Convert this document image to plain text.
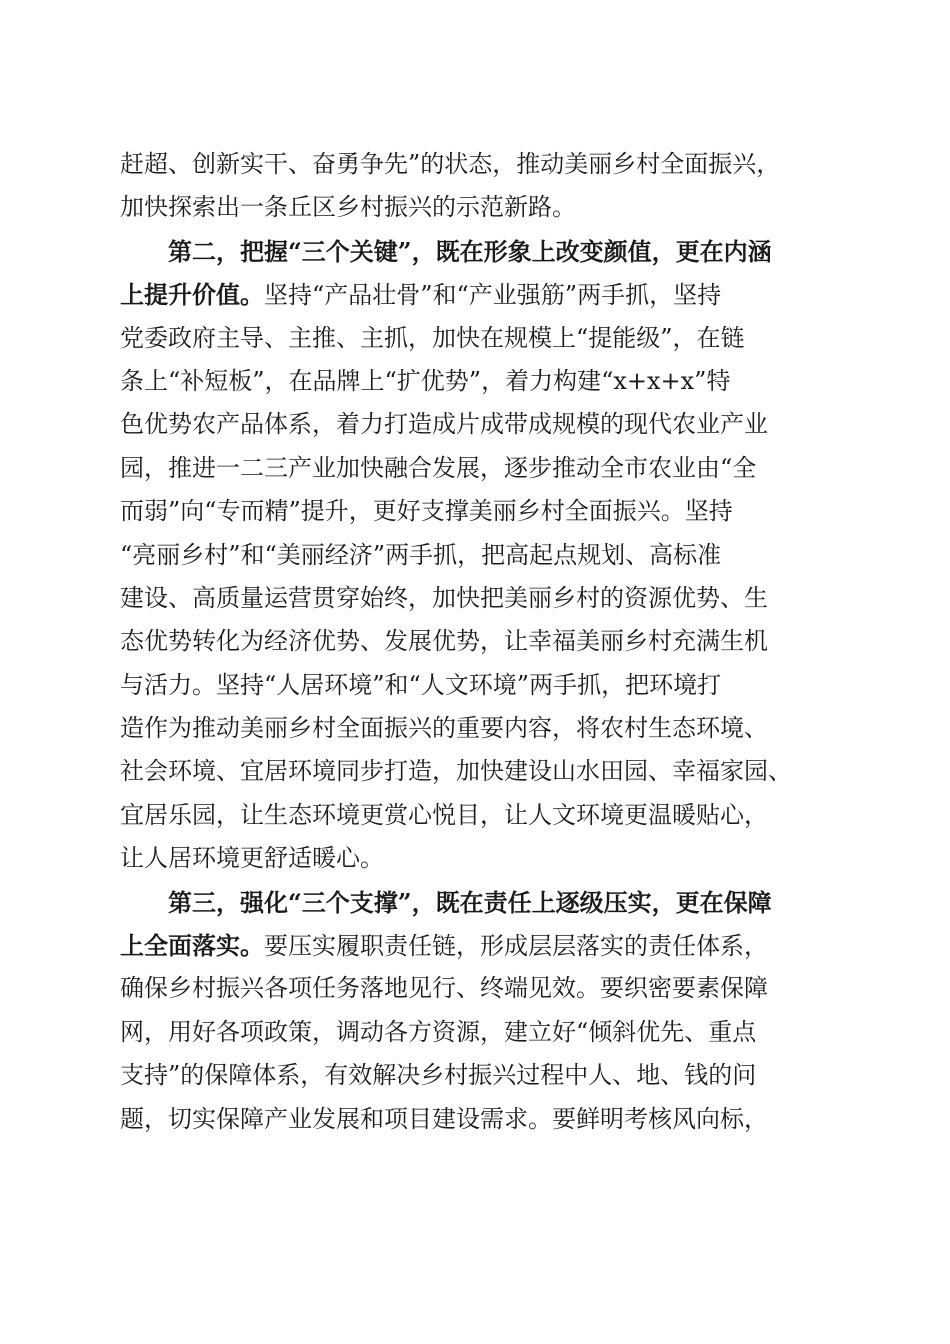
赶超、创新实干、奋勇争先”的状态，推动美丽乡村全面振兴，
加快探索出一条丘区乡村振兴的示范新路。
第二，把握“三个关键”，既在形象上改变颜值，更在内涵
上提升价值。坚持“产品壮骨”和“产业强筋”两手抓，坚持
党委政府主导、主推、主抓，加快在规模上“提能级”，在链
条上“补短板”，在品牌上“扩优势”，着力构建“x+x+x”特
色优势农产品体系，着力打造成片成带成规模的现代农业产业
园，推进一二三产业加快融合发展，逐步推动全市农业由“全
而弱”向“专而精”提升，更好支撑美丽乡村全面振兴。坚持
“亮丽乡村”和“美丽经济”两手抓，把高起点规划、高标准
建设、高质量运营贯穿始终，加快把美丽乡村的资源优势、生
态优势转化为经济优势、发展优势，让幸福美丽乡村充满生机
与活力。坚持“人居环境”和“人文环境”两手抓，把环境打
造作为推动美丽乡村全面振兴的重要内容，将农村生态环境、
社会环境、宜居环境同步打造，加快建设山水田园、幸福家园、
宜居乐园，让生态环境更赏心悦目，让人文环境更温暖贴心，
让人居环境更舒适暖心。
第三，强化“三个支撑”，既在责任上逐级压实，更在保障
上全面落实。要压实履职责任链，形成层层落实的责任体系，
确保乡村振兴各项任务落地见行、终端见效。要织密要素保障
网，用好各项政策，调动各方资源，建立好“倾斜优先、重点
支持”的保障体系，有效解决乡村振兴过程中人、地、钱的问
题，切实保障产业发展和项目建设需求。要鲜明考核风向标，
